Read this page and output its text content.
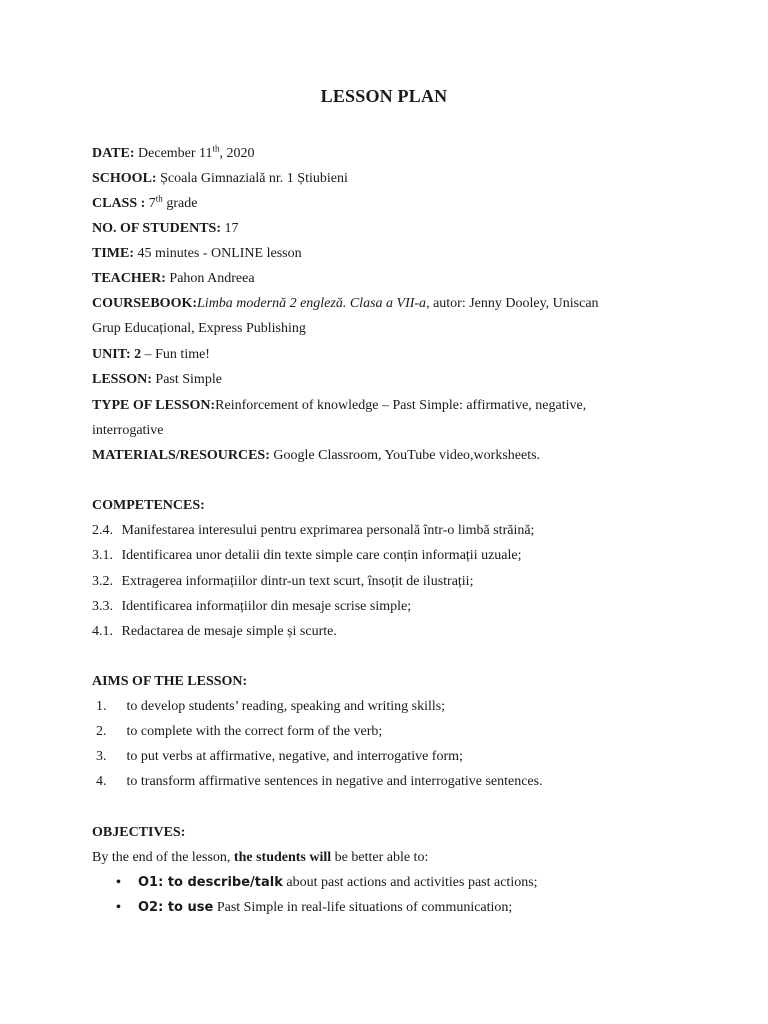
LESSON PLAN
DATE: December 11th, 2020
SCHOOL: Școala Gimnazială nr. 1 Știubieni
CLASS : 7th grade
NO. OF STUDENTS: 17
TIME: 45 minutes - ONLINE lesson
TEACHER: Pahon Andreea
COURSEBOOK:Limba modernă 2 engleză. Clasa a VII-a, autor: Jenny Dooley, Uniscan
Grup Educațional, Express Publishing
UNIT: 2 – Fun time!
LESSON: Past Simple
TYPE OF LESSON:Reinforcement of knowledge – Past Simple: affirmative, negative,
interrogative
MATERIALS/RESOURCES: Google Classroom, YouTube video,worksheets.
COMPETENCES:
2.4. Manifestarea interesului pentru exprimarea personală într-o limbă străină;
3.1. Identificarea unor detalii din texte simple care conțin informații uzuale;
3.2. Extragerea informațiilor dintr-un text scurt, însoțit de ilustrații;
3.3. Identificarea informațiilor din mesaje scrise simple;
4.1. Redactarea de mesaje simple și scurte.
AIMS OF THE LESSON:
1. to develop students’ reading, speaking and writing skills;
2. to complete with the correct form of the verb;
3. to put verbs at affirmative, negative, and interrogative form;
4. to transform affirmative sentences in negative and interrogative sentences.
OBJECTIVES:
By the end of the lesson, the students will be better able to:
• O1: to describe/talk about past actions and activities past actions;
• O2: to use Past Simple in real-life situations of communication;
